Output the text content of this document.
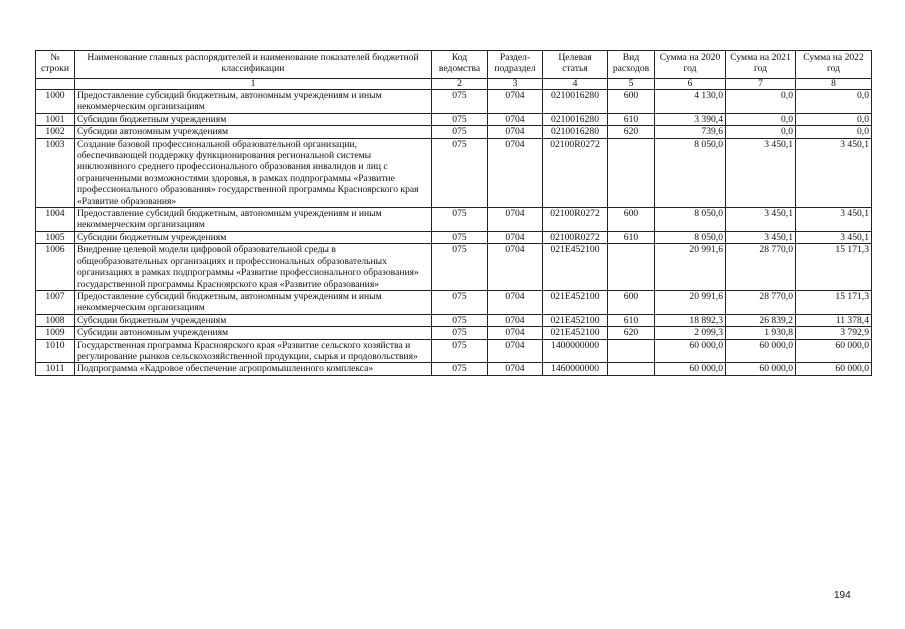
№ строки	Наименование главных распорядителей и наименование показателей бюджетной классификации	Код ведомства	Раздел-подраздел	Целевая статья	Вид расходов	Сумма на 2020 год	Сумма на 2021 год	Сумма на 2022 год
	1	2	3	4	5	6	7	8
1000	Предоставление субсидий бюджетным, автономным учреждениям и иным некоммерческим организациям	075	0704	0210016280	600	4 130,0	0,0	0,0
1001	Субсидии бюджетным учреждениям	075	0704	0210016280	610	3 390,4	0,0	0,0
1002	Субсидии автономным учреждениям	075	0704	0210016280	620	739,6	0,0	0,0
1003	Создание базовой профессиональной образовательной организации, обеспечивающей поддержку функционирования региональной системы инклюзивного среднего профессионального образования инвалидов и лиц с ограниченными возможностями здоровья, в рамках подпрограммы «Развитие профессионального образования» государственной программы Красноярского края «Развитие образования»	075	0704	02100R0272		8 050,0	3 450,1	3 450,1
1004	Предоставление субсидий бюджетным, автономным учреждениям и иным некоммерческим организациям	075	0704	02100R0272	600	8 050,0	3 450,1	3 450,1
1005	Субсидии бюджетным учреждениям	075	0704	02100R0272	610	8 050,0	3 450,1	3 450,1
1006	Внедрение целевой модели цифровой образовательной среды в общеобразовательных организациях и профессиональных образовательных организациях в рамках подпрограммы «Развитие профессионального образования» государственной программы Красноярского края «Развитие образования»	075	0704	021E452100		20 991,6	28 770,0	15 171,3
1007	Предоставление субсидий бюджетным, автономным учреждениям и иным некоммерческим организациям	075	0704	021E452100	600	20 991,6	28 770,0	15 171,3
1008	Субсидии бюджетным учреждениям	075	0704	021E452100	610	18 892,3	26 839,2	11 378,4
1009	Субсидии автономным учреждениям	075	0704	021E452100	620	2 099,3	1 930,8	3 792,9
1010	Государственная программа Красноярского края «Развитие сельского хозяйства и регулирование рынков сельскохозяйственной продукции, сырья и продовольствия»	075	0704	1400000000		60 000,0	60 000,0	60 000,0
1011	Подпрограмма «Кадровое обеспечение агропромышленного комплекса»	075	0704	1460000000		60 000,0	60 000,0	60 000,0
194
